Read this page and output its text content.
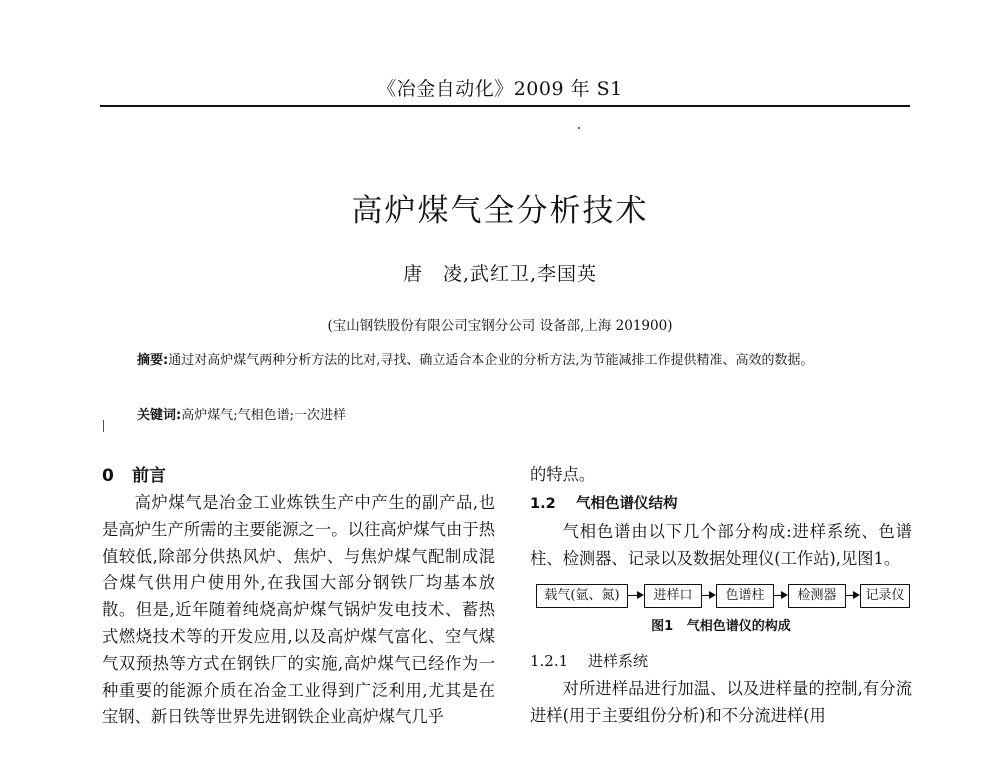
《冶金自动化》2009 年 S1
高炉煤气全分析技术
唐　凌,武红卫,李国英
(宝山钢铁股份有限公司宝钢分公司 设备部,上海 201900)
摘要:通过对高炉煤气两种分析方法的比对,寻找、确立适合本企业的分析方法,为节能减排工作提供精准、高效的数据。
关键词:高炉煤气;气相色谱;一次进样
0 前言

高炉煤气是冶金工业炼铁生产中产生的副产品,也是高炉生产所需的主要能源之一。以往高炉煤气由于热值较低,除部分供热风炉、焦炉、与焦炉煤气配制成混合煤气供用户使用外,在我国大部分钢铁厂均基本放散。但是,近年随着纯烧高炉煤气锅炉发电技术、蓄热式燃烧技术等的开发应用,以及高炉煤气富化、空气煤气双预热等方式在钢铁厂的实施,高炉煤气已经作为一种重要的能源介质在冶金工业得到广泛利用,尤其是在宝钢、新日铁等世界先进钢铁企业高炉煤气几乎

的特点。

1.2 气相色谱仪结构

气相色谱由以下几个部分构成:进样系统、色谱柱、检测器、记录以及数据处理仪(工作站),见图1。

载气(氩、氮)	进样口	色谱柱	检测器	记录仪
图1 气相色谱仪的构成
1.2.1 进样系统

对所进样品进行加温、以及进样量的控制,有分流进样(用于主要组份分析)和不分流进样(用
